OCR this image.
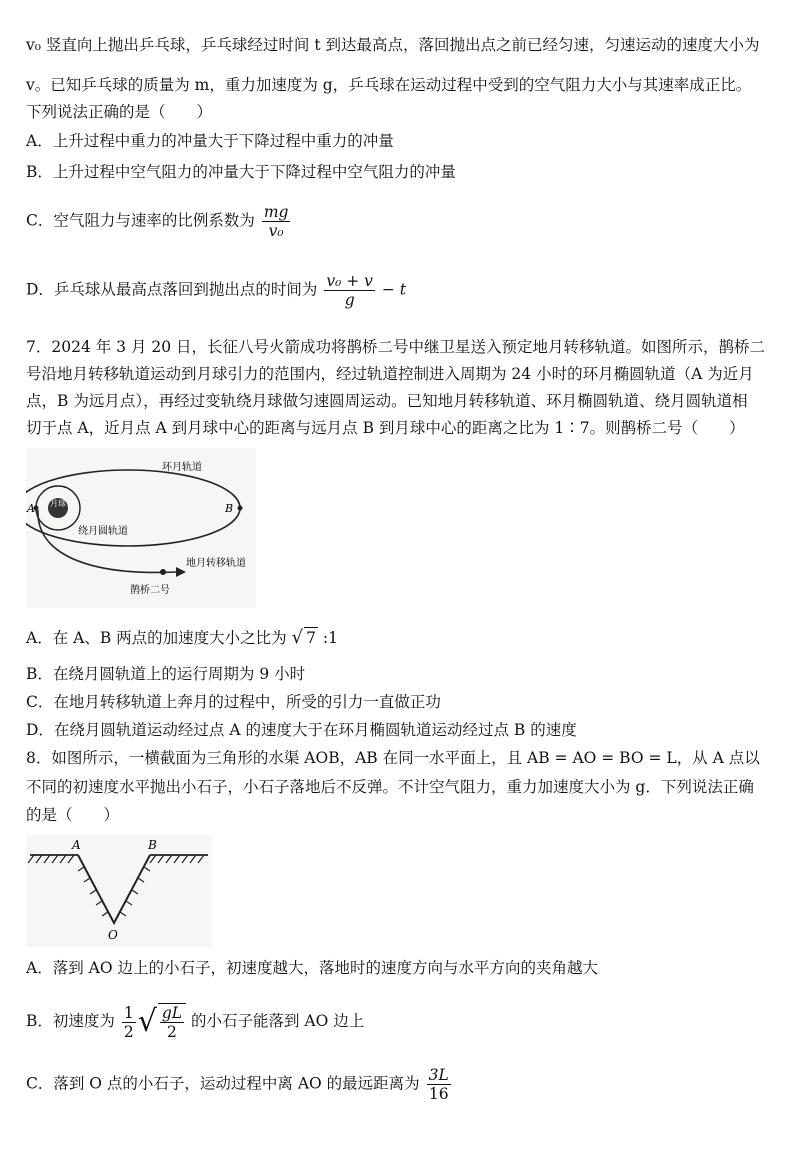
v₀ 竖直向上抛出乒乓球，乒乓球经过时间 t 到达最高点，落回抛出点之前已经匀速，匀速运动的速度大小为
v。已知乒乓球的质量为 m，重力加速度为 g，乒乓球在运动过程中受到的空气阻力大小与其速率成正比。
下列说法正确的是（　　）
A．上升过程中重力的冲量大于下降过程中重力的冲量
B．上升过程中空气阻力的冲量大于下降过程中空气阻力的冲量
C．空气阻力与速率的比例系数为 $\frac{mg}{\text{v₀}}$
D．乒乓球从最高点落回到抛出点的时间为 $\frac{\text{v₀ + v}}{g} - t$
7．2024 年 3 月 20 日，长征八号火箭成功将鹊桥二号中继卫星送入预定地月转移轨道。如图所示，鹊桥二
号沿地月转移轨道运动到月球引力的范围内，经过轨道控制进入周期为 24 小时的环月椭圆轨道（A 为近月
点，B 为远月点），再经过变轨绕月球做匀速圆周运动。已知地月转移轨道、环月椭圆轨道、绕月圆轨道相
切于点 A，近月点 A 到月球中心的距离与远月点 B 到月球中心的距离之比为 1∶7。则鹊桥二号（　　）
A	B
环月轨道
绕月圆轨道
地月转移轨道
月球
鹊桥二号
A．在 A、B 两点的加速度大小之比为 √ 7 :1
B．在绕月圆轨道上的运行周期为 9 小时
C．在地月转移轨道上奔月的过程中，所受的引力一直做正功
D．在绕月圆轨道运动经过点 A 的速度大于在环月椭圆轨道运动经过点 B 的速度
8．如图所示，一横截面为三角形的水渠 AOB，AB 在同一水平面上，且 AB = AO = BO = L，从 A 点以
不同的初速度水平抛出小石子，小石子落地后不反弹。不计空气阻力，重力加速度大小为 g．下列说法正确
的是（　　）
A	B
O
A．落到 AO 边上的小石子，初速度越大，落地时的速度方向与水平方向的夹角越大
B．初速度为 $\frac{1}{2}$ √ $\frac{gL}{2}$ 的小石子能落到 AO 边上
C．落到 O 点的小石子，运动过程中离 AO 的最远距离为 $\frac{3L}{16}$
